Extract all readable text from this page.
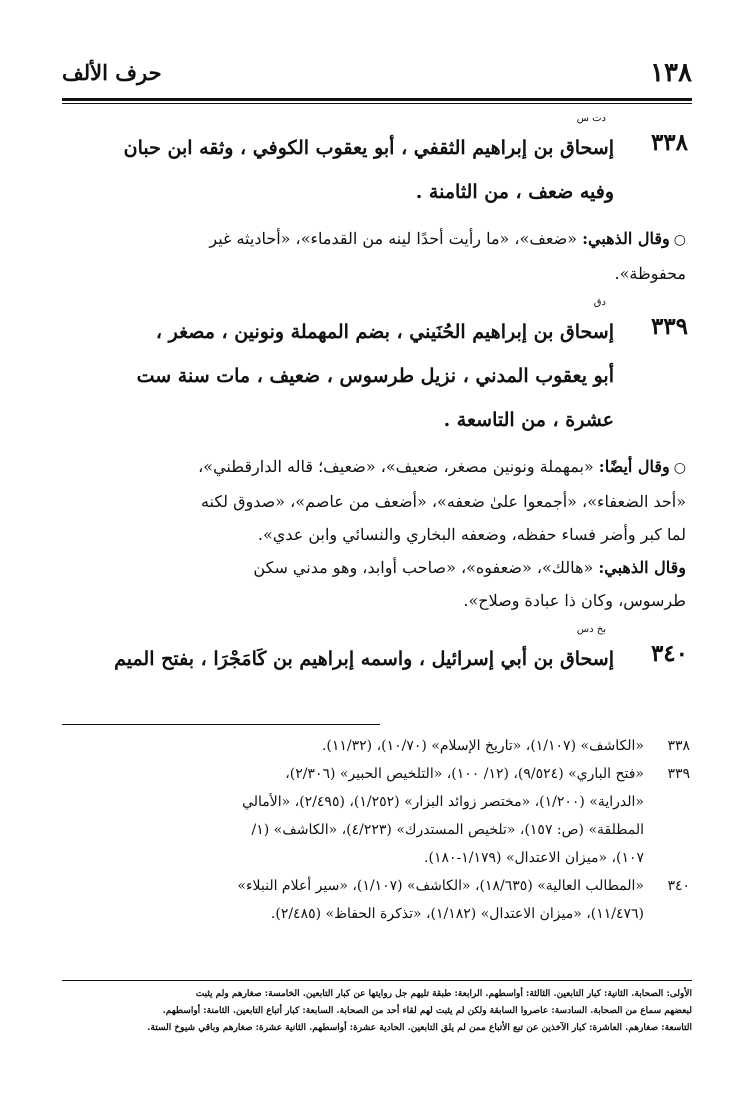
١٣٨
حرف الألف
٣٣٨
دت س
إسحاق بن إبراهيم الثقفي ، أبو يعقوب الكوفي ، وثقه ابن حبان
وفيه ضعف ، من الثامنة .
○وقال الذهبي: «ضعف»، «ما رأيت أحدًا لينه من القدماء»، «أحاديثه غير
محفوظة».
٣٣٩
دق
إسحاق بن إبراهيم الحُنَيني ، بضم المهملة ونونين ، مصغر ،
أبو يعقوب المدني ، نزيل طرسوس ، ضعيف ، مات سنة ست
عشرة ، من التاسعة .
○وقال أيضًا: «بمهملة ونونين مصغر، ضعيف»، «ضعيف؛ قاله الدارقطني»،
«أحد الضعفاء»، «أجمعوا علىٰ ضعفه»، «أضعف من عاصم»، «صدوق لكنه
لما كبر وأضر فساء حفظه، وضعفه البخاري والنسائي وابن عدي».
وقال الذهبي: «هالك»، «ضعفوه»، «صاحب أوابد، وهو مدني سكن
طرسوس، وكان ذا عبادة وصلاح».
٣٤٠
بخ دس
إسحاق بن أبي إسرائيل ، واسمه إبراهيم بن كَامَجْرَا ، بفتح الميم
٣٣٨
«الكاشف» (١/١٠٧)، «تاريخ الإسلام» (١٠/٧٠)، (١١/٣٢).
٣٣٩
«فتح الباري» (٩/٥٢٤)، (١٢/ ١٠٠)، «التلخيص الحبير» (٢/٣٠٦)،
«الدراية» (١/٢٠٠)، «مختصر زوائد البزار» (١/٢٥٢)، (٢/٤٩٥)، «الأمالي
المطلقة» (ص: ١٥٧)، «تلخيص المستدرك» (٤/٢٢٣)، «الكاشف» (١/
١٠٧)، «ميزان الاعتدال» (١/١٧٩-١٨٠).
٣٤٠
«المطالب العالية» (١٨/٦٣٥)، «الكاشف» (١/١٠٧)، «سير أعلام النبلاء»
(١١/٤٧٦)، «ميزان الاعتدال» (١/١٨٢)، «تذكرة الحفاظ» (٢/٤٨٥).
الأولى: الصحابة. الثانية: كبار التابعين. الثالثة: أواسطهم. الرابعة: طبقة تليهم جل روايتها عن كبار التابعين. الخامسة: صغارهم ولم يثبت
لبعضهم سماع من الصحابة. السادسة: عاصروا السابقة ولكن لم يثبت لهم لقاء أحد من الصحابة. السابعة: كبار أتباع التابعين. الثامنة: أواسطهم.
التاسعة: صغارهم. العاشرة: كبار الآخذين عن تبع الأتباع ممن لم يلق التابعين. الحادية عشرة: أواسطهم. الثانية عشرة: صغارهم وباقي شيوخ الستة.
